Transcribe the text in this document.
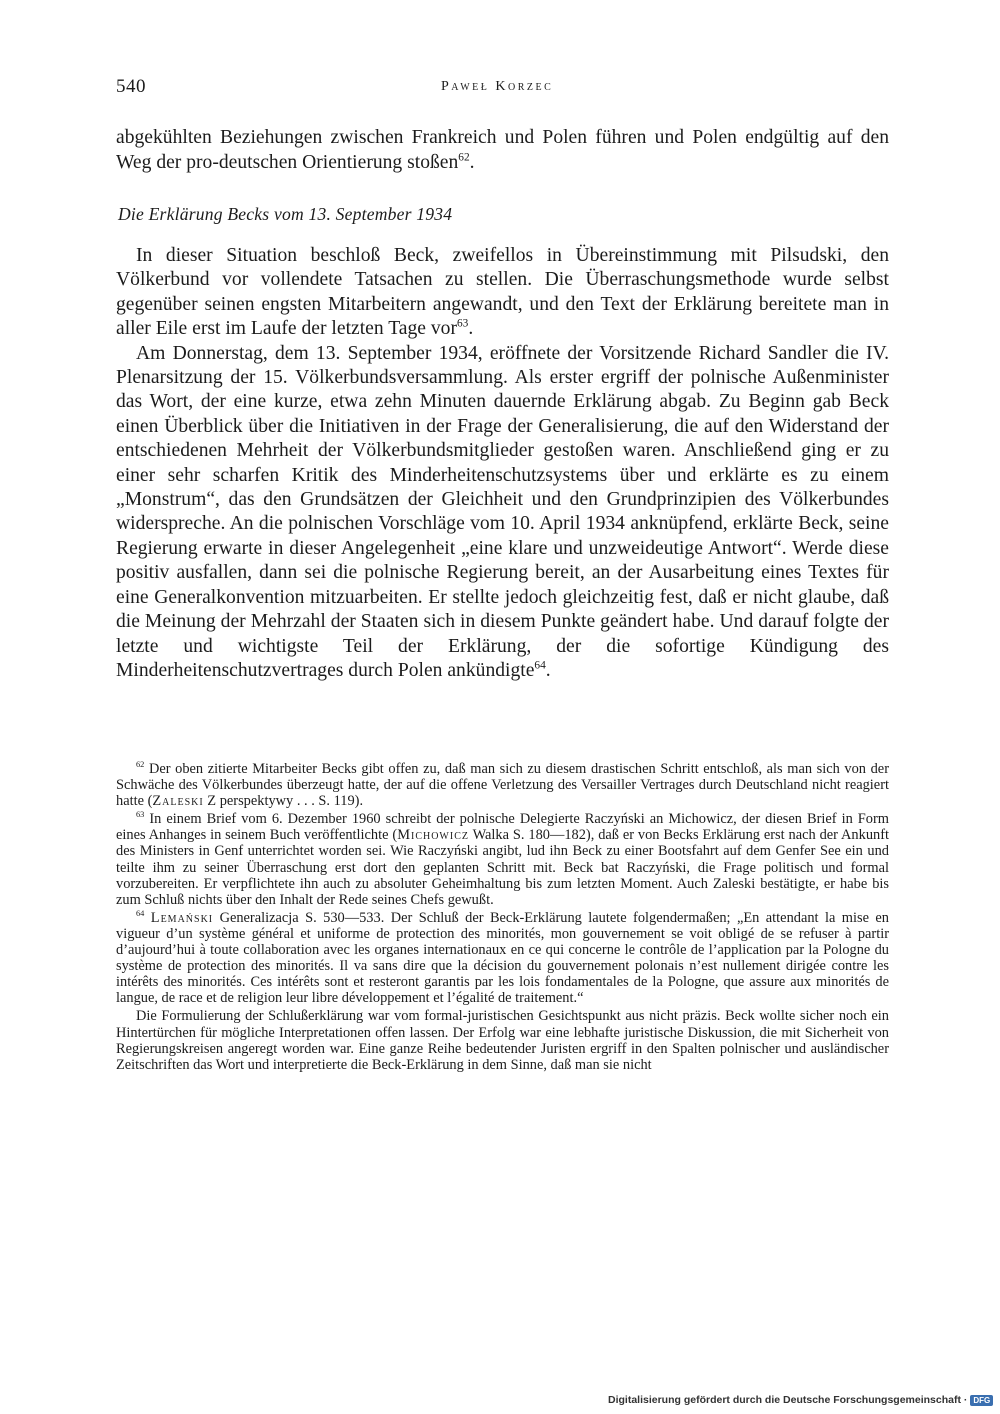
540	Paweł Korzec
abgekühlten Beziehungen zwischen Frankreich und Polen führen und Polen endgültig auf den Weg der pro-deutschen Orientierung stoßen$^{62}$.
Die Erklärung Becks vom 13. September 1934

In dieser Situation beschloß Beck, zweifellos in Übereinstimmung mit Pilsudski, den Völkerbund vor vollendete Tatsachen zu stellen. Die Überraschungsmethode wurde selbst gegenüber seinen engsten Mitarbeitern angewandt, und den Text der Erklärung bereitete man in aller Eile erst im Laufe der letzten Tage vor$^{63}$.

Am Donnerstag, dem 13. September 1934, eröffnete der Vorsitzende Richard Sandler die IV. Plenarsitzung der 15. Völkerbundsversammlung. Als erster ergriff der polnische Außenminister das Wort, der eine kurze, etwa zehn Minuten dauernde Erklärung abgab. Zu Beginn gab Beck einen Überblick über die Initiativen in der Frage der Generalisierung, die auf den Widerstand der entschiedenen Mehrheit der Völkerbundsmitglieder gestoßen waren. Anschließend ging er zu einer sehr scharfen Kritik des Minderheitenschutzsystems über und erklärte es zu einem „Monstrum“, das den Grundsätzen der Gleichheit und den Grundprinzipien des Völkerbundes widerspreche. An die polnischen Vorschläge vom 10. April 1934 anknüpfend, erklärte Beck, seine Regierung erwarte in dieser Angelegenheit „eine klare und unzweideutige Antwort“. Werde diese positiv ausfallen, dann sei die polnische Regierung bereit, an der Ausarbeitung eines Textes für eine Generalkonvention mitzuarbeiten. Er stellte jedoch gleichzeitig fest, daß er nicht glaube, daß die Meinung der Mehrzahl der Staaten sich in diesem Punkte geändert habe. Und darauf folgte der letzte und wichtigste Teil der Erklärung, der die sofortige Kündigung des Minderheitenschutzvertrages durch Polen ankündigte$^{64}$.

$^{62}$ Der oben zitierte Mitarbeiter Becks gibt offen zu, daß man sich zu diesem drastischen Schritt entschloß, als man sich von der Schwäche des Völkerbundes überzeugt hatte, der auf die offene Verletzung des Versailler Vertrages durch Deutschland nicht reagiert hatte (Zaleski Z perspektywy . . . S. 119).

$^{63}$ In einem Brief vom 6. Dezember 1960 schreibt der polnische Delegierte Raczyński an Michowicz, der diesen Brief in Form eines Anhanges in seinem Buch veröffentlichte (Michowicz Walka S. 180—182), daß er von Becks Erklärung erst nach der Ankunft des Ministers in Genf unterrichtet worden sei. Wie Raczyński angibt, lud ihn Beck zu einer Bootsfahrt auf dem Genfer See ein und teilte ihm zu seiner Überraschung erst dort den geplanten Schritt mit. Beck bat Raczyński, die Frage politisch und formal vorzubereiten. Er verpflichtete ihn auch zu absoluter Geheimhaltung bis zum letzten Moment. Auch Zaleski bestätigte, er habe bis zum Schluß nichts über den Inhalt der Rede seines Chefs gewußt.

$^{64}$ Lemański Generalizacja S. 530—533. Der Schluß der Beck-Erklärung lautete folgendermaßen; „En attendant la mise en vigueur d’un système général et uniforme de protection des minorités, mon gouvernement se voit obligé de se refuser à partir d’aujourd’hui à toute collaboration avec les organes internationaux en ce qui concerne le contrôle de l’application par la Pologne du système de protection des minorités. Il va sans dire que la décision du gouvernement polonais n’est nullement dirigée contre les intérêts des minorités. Ces intérêts sont et resteront garantis par les lois fondamentales de la Pologne, que assure aux minorités de langue, de race et de religion leur libre développement et l’égalité de traitement.“

Die Formulierung der Schlußerklärung war vom formal-juristischen Gesichtspunkt aus nicht präzis. Beck wollte sicher noch ein Hintertürchen für mögliche Interpretationen offen lassen. Der Erfolg war eine lebhafte juristische Diskussion, die mit Sicherheit von Regierungskreisen angeregt worden war. Eine ganze Reihe bedeutender Juristen ergriff in den Spalten polnischer und ausländischer Zeitschriften das Wort und interpretierte die Beck-Erklärung in dem Sinne, daß man sie nicht

Digitalisierung gefördert durch die Deutsche Forschungsgemeinschaft · DFG
